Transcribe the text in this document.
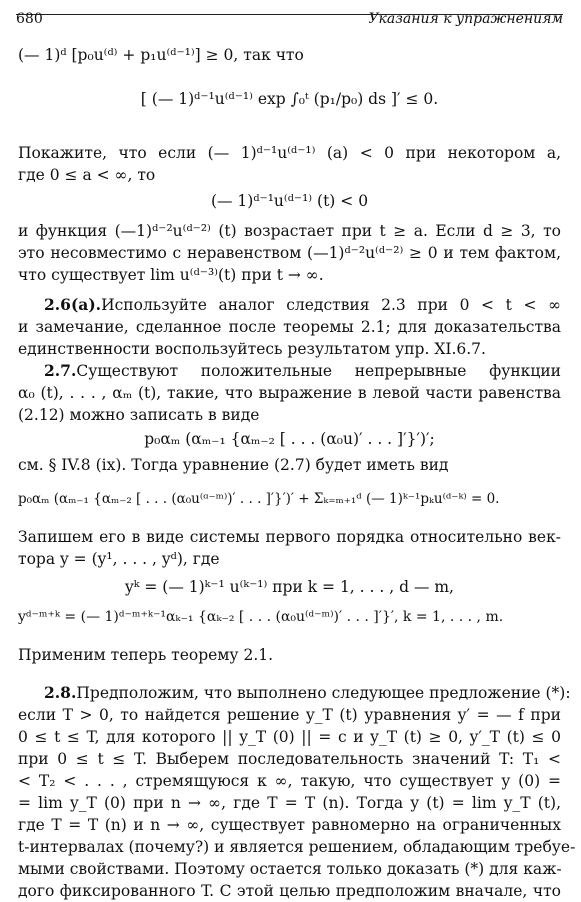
680	Указания к упражнениям
(— 1)ᵈ [p₀u⁽ᵈ⁾ + p₁u⁽ᵈ⁻¹⁾] ≥ 0, так что
[ (— 1)ᵈ⁻¹u⁽ᵈ⁻¹⁾ exp ∫₀ᵗ (p₁/p₀) ds ]′ ≤ 0.
Покажите, что если (— 1)ᵈ⁻¹u⁽ᵈ⁻¹⁾ (a) < 0 при некотором a,
где 0 ≤ a < ∞, то
(— 1)ᵈ⁻¹u⁽ᵈ⁻¹⁾ (t) < 0
и функция (—1)ᵈ⁻²u⁽ᵈ⁻²⁾ (t) возрастает при t ≥ a. Если d ≥ 3, то
это несовместимо с неравенством (—1)ᵈ⁻²u⁽ᵈ⁻²⁾ ≥ 0 и тем фактом,
что существует lim u⁽ᵈ⁻³⁾(t) при t → ∞.
2.6(а). Используйте аналог следствия 2.3 при 0 < t < ∞
и замечание, сделанное после теоремы 2.1; для доказательства
единственности воспользуйтесь результатом упр. XI.6.7.
2.7. Существуют положительные непрерывные функции
α₀ (t), . . . , αₘ (t), такие, что выражение в левой части равенства
(2.12) можно записать в виде
p₀αₘ (αₘ₋₁ {αₘ₋₂ [ . . . (α₀u)′ . . . ]′}′)′;
см. § IV.8 (ix). Тогда уравнение (2.7) будет иметь вид
p₀αₘ (αₘ₋₁ {αₘ₋₂ [ . . . (α₀u⁽ᵅ⁻ᵐ⁾)′ . . . ]′}′)′ + Σₖ₌ₘ₊₁ᵈ (— 1)ᵏ⁻¹pₖu⁽ᵈ⁻ᵏ⁾ = 0.
Запишем его в виде системы первого порядка относительно век-
тора y = (y¹, . . . , yᵈ), где
yᵏ = (— 1)ᵏ⁻¹ u⁽ᵏ⁻¹⁾ при k = 1, . . . , d — m,
yᵈ⁻ᵐ⁺ᵏ = (— 1)ᵈ⁻ᵐ⁺ᵏ⁻¹αₖ₋₁ {αₖ₋₂ [ . . . (α₀u⁽ᵈ⁻ᵐ⁾)′ . . . ]′}′, k = 1, . . . , m.
Применим теперь теорему 2.1.
2.8. Предположим, что выполнено следующее предложение (*):
если T > 0, то найдется решение y_T (t) уравнения y′ = — f при
0 ≤ t ≤ T, для которого || y_T (0) || = c и y_T (t) ≥ 0, y′_T (t) ≤ 0
при 0 ≤ t ≤ T. Выберем последовательность значений T: T₁ <
< T₂ < . . . , стремящуюся к ∞, такую, что существует y (0) =
= lim y_T (0) при n → ∞, где T = T (n). Тогда y (t) = lim y_T (t),
где T = T (n) и n → ∞, существует равномерно на ограниченных
t-интервалах (почему?) и является решением, обладающим требуе-
мыми свойствами. Поэтому остается только доказать (*) для каж-
дого фиксированного T. С этой целью предположим вначале, что
